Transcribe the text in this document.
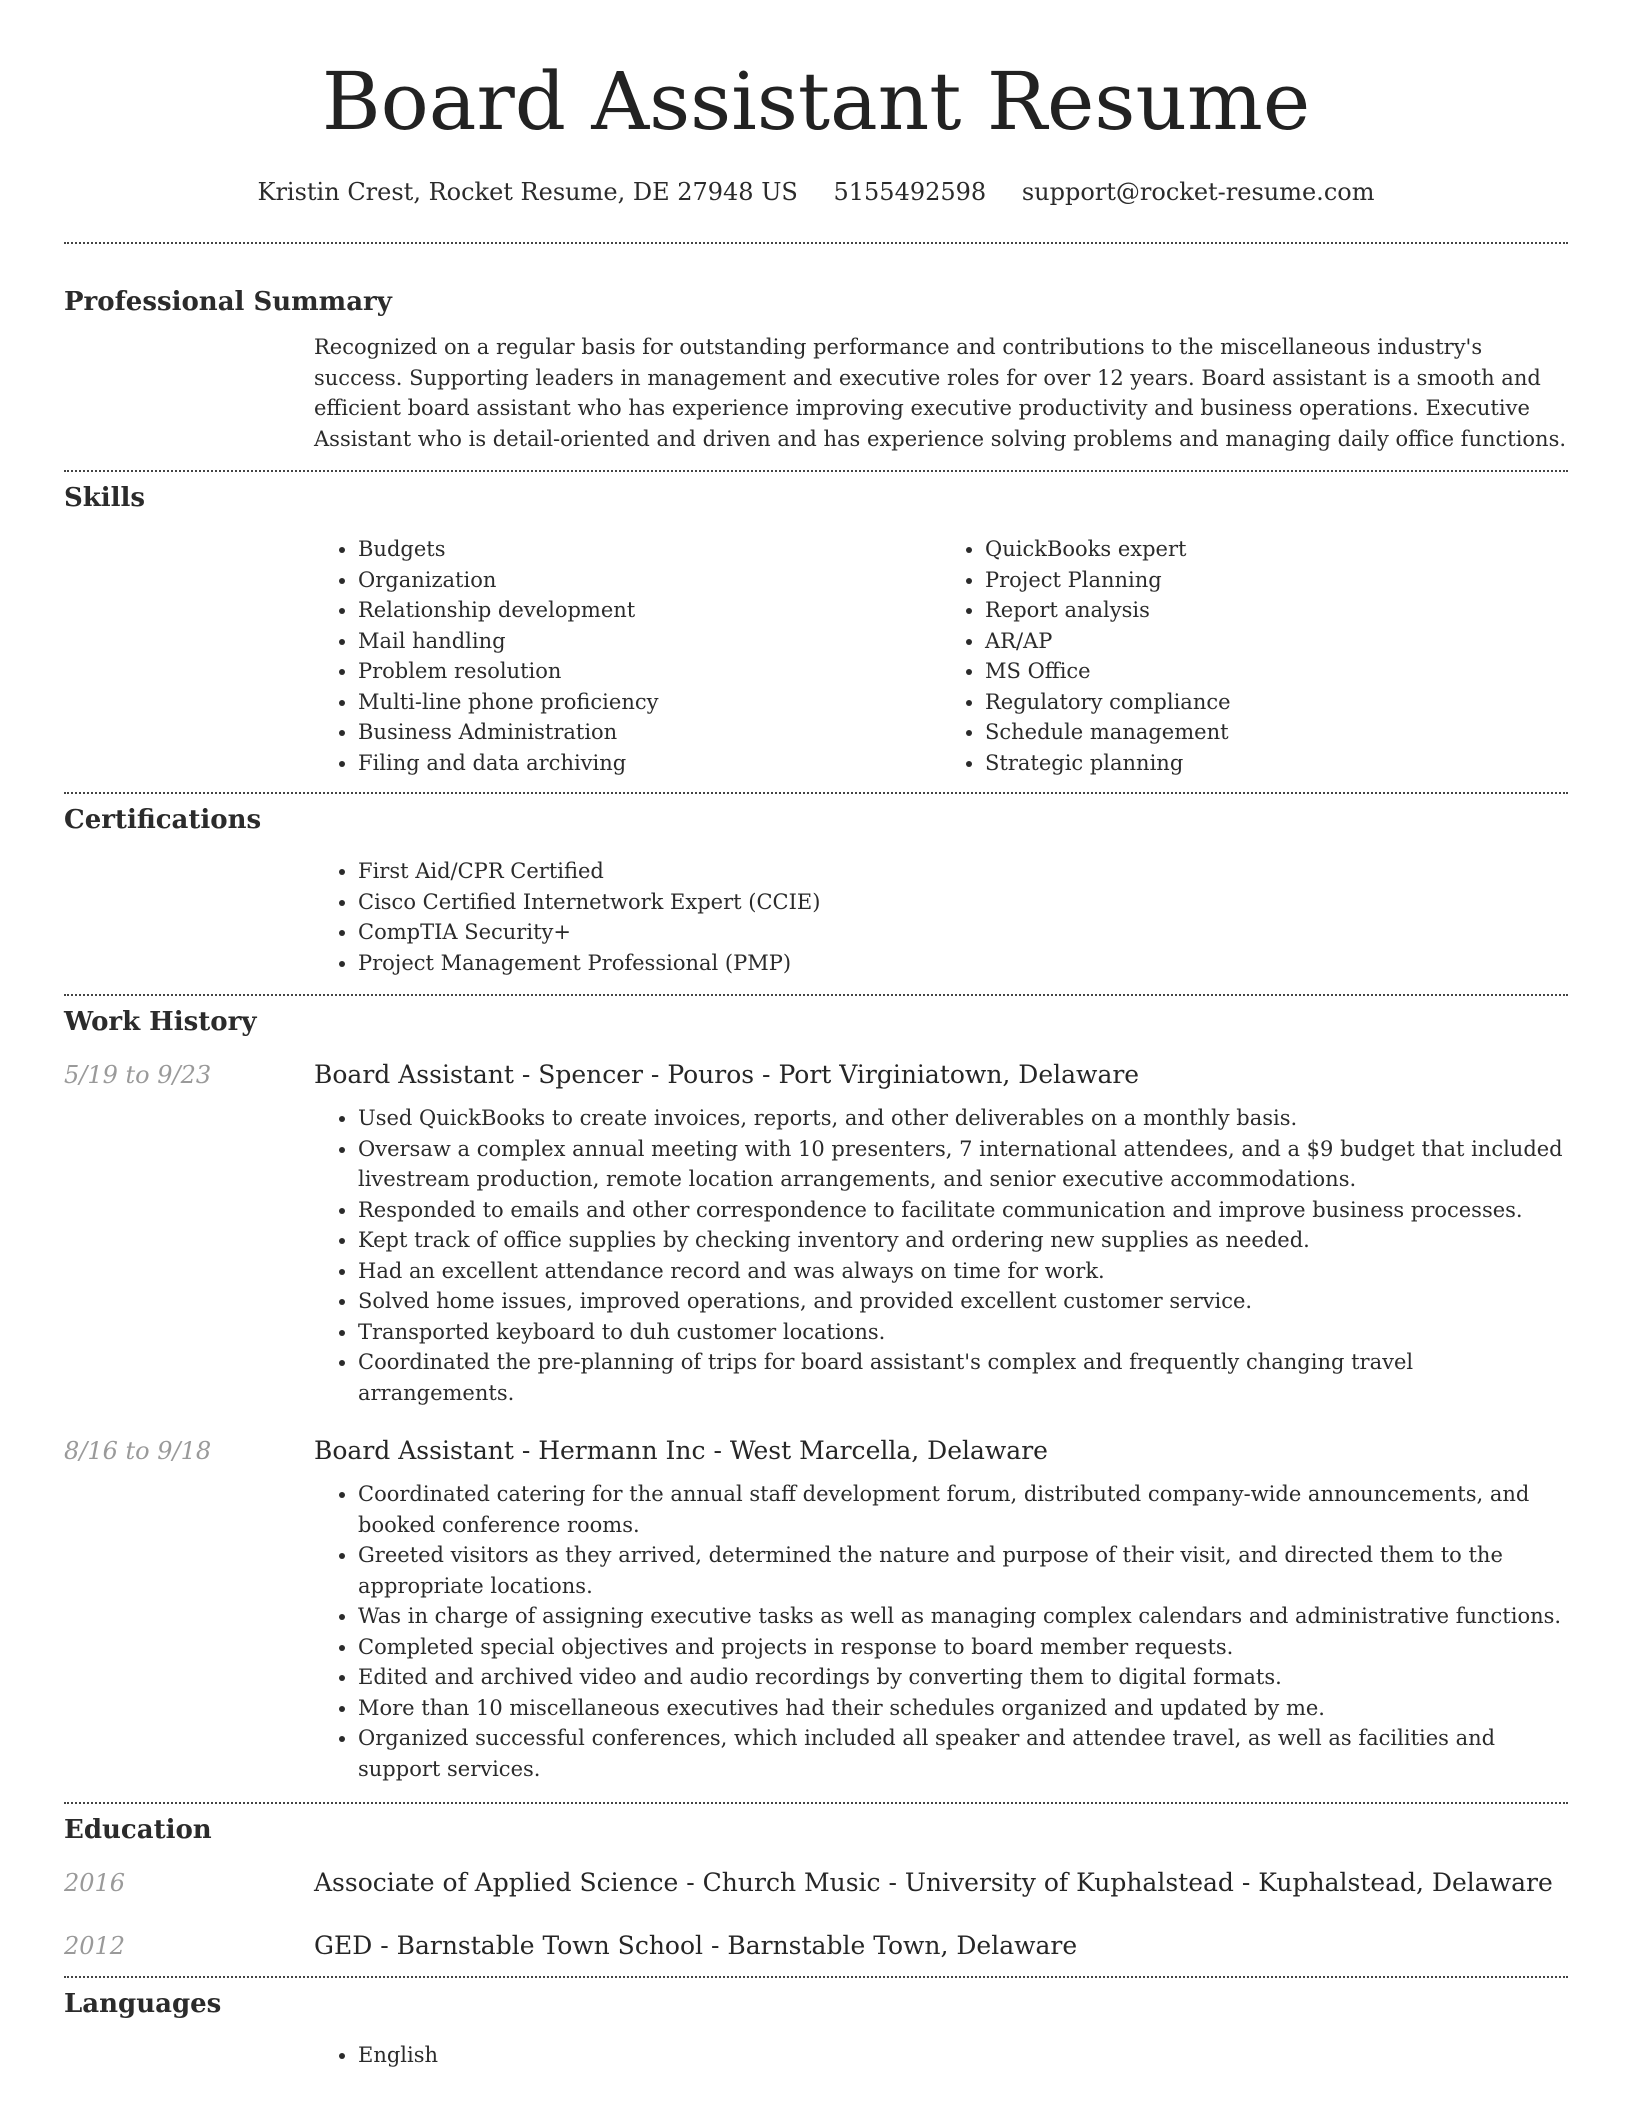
Board Assistant Resume
Kristin Crest, Rocket Resume, DE 27948 US 5155492598 support@rocket-resume.com
Professional Summary

Recognized on a regular basis for outstanding performance and contributions to the miscellaneous industry's success. Supporting leaders in management and executive roles for over 12 years. Board assistant is a smooth and efficient board assistant who has experience improving executive productivity and business operations. Executive Assistant who is detail-oriented and driven and has experience solving problems and managing daily office functions.

Skills
• Budgets
• Organization
• Relationship development
• Mail handling
• Problem resolution
• Multi-line phone proficiency
• Business Administration
• Filing and data archiving
• QuickBooks expert
• Project Planning
• Report analysis
• AR/AP
• MS Office
• Regulatory compliance
• Schedule management
• Strategic planning
Certifications
• First Aid/CPR Certified
• Cisco Certified Internetwork Expert (CCIE)
• CompTIA Security+
• Project Management Professional (PMP)
Work History
5/19 to 9/23	Board Assistant - Spencer - Pouros - Port Virginiatown, Delaware
• Used QuickBooks to create invoices, reports, and other deliverables on a monthly basis.
• Oversaw a complex annual meeting with 10 presenters, 7 international attendees, and a $9 budget that included livestream production, remote location arrangements, and senior executive accommodations.
• Responded to emails and other correspondence to facilitate communication and improve business processes.
• Kept track of office supplies by checking inventory and ordering new supplies as needed.
• Had an excellent attendance record and was always on time for work.
• Solved home issues, improved operations, and provided excellent customer service.
• Transported keyboard to duh customer locations.
• Coordinated the pre-planning of trips for board assistant's complex and frequently changing travel arrangements.
8/16 to 9/18	Board Assistant - Hermann Inc - West Marcella, Delaware
• Coordinated catering for the annual staff development forum, distributed company-wide announcements, and booked conference rooms.
• Greeted visitors as they arrived, determined the nature and purpose of their visit, and directed them to the appropriate locations.
• Was in charge of assigning executive tasks as well as managing complex calendars and administrative functions.
• Completed special objectives and projects in response to board member requests.
• Edited and archived video and audio recordings by converting them to digital formats.
• More than 10 miscellaneous executives had their schedules organized and updated by me.
• Organized successful conferences, which included all speaker and attendee travel, as well as facilities and support services.
Education
2016	Associate of Applied Science - Church Music - University of Kuphalstead - Kuphalstead, Delaware
2012	GED - Barnstable Town School - Barnstable Town, Delaware
Languages
• English
